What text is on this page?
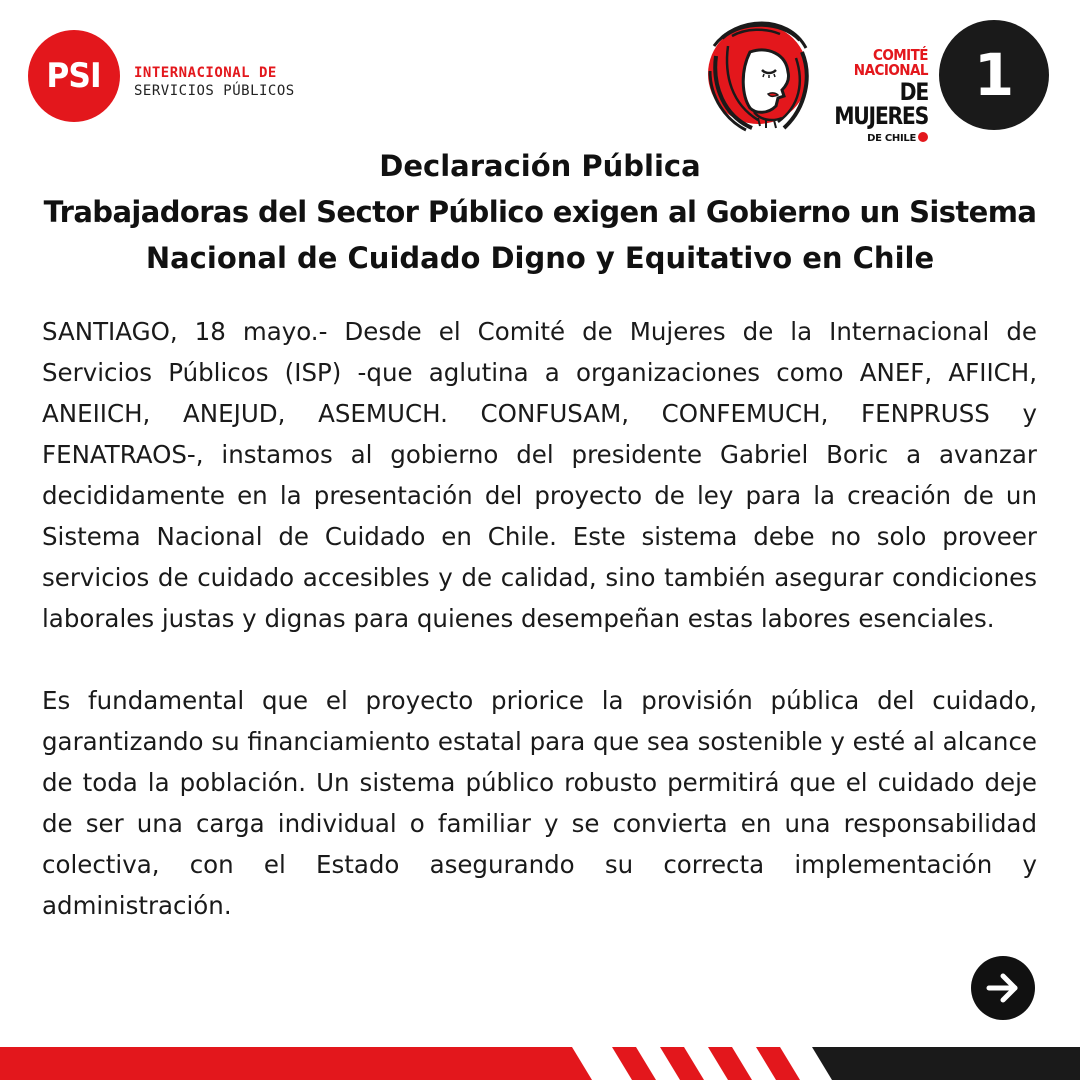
PSI INTERNACIONAL DE
SERVICIOS PÚBLICOS
COMITÉ NACIONAL
DE MUJERES
DE CHILE
1
Declaración Pública
Trabajadoras del Sector Público exigen al Gobierno un Sistema
Nacional de Cuidado Digno y Equitativo en Chile

SANTIAGO, 18 mayo.- Desde el Comité de Mujeres de la Internacional de Servicios Públicos (ISP) -que aglutina a organizaciones como ANEF, AFIICH, ANEIICH, ANEJUD, ASEMUCH. CONFUSAM, CONFEMUCH, FENPRUSS y FENATRAOS-, instamos al gobierno del presidente Gabriel Boric a avanzar decididamente en la presentación del proyecto de ley para la creación de un Sistema Nacional de Cuidado en Chile. Este sistema debe no solo proveer servicios de cuidado accesibles y de calidad, sino también asegurar condiciones laborales justas y dignas para quienes desempeñan estas labores esenciales.

Es fundamental que el proyecto priorice la provisión pública del cuidado, garantizando su financiamiento estatal para que sea sostenible y esté al alcance de toda la población. Un sistema público robusto permitirá que el cuidado deje de ser una carga individual o familiar y se convierta en una responsabilidad colectiva, con el Estado asegurando su correcta implementación y administración.
